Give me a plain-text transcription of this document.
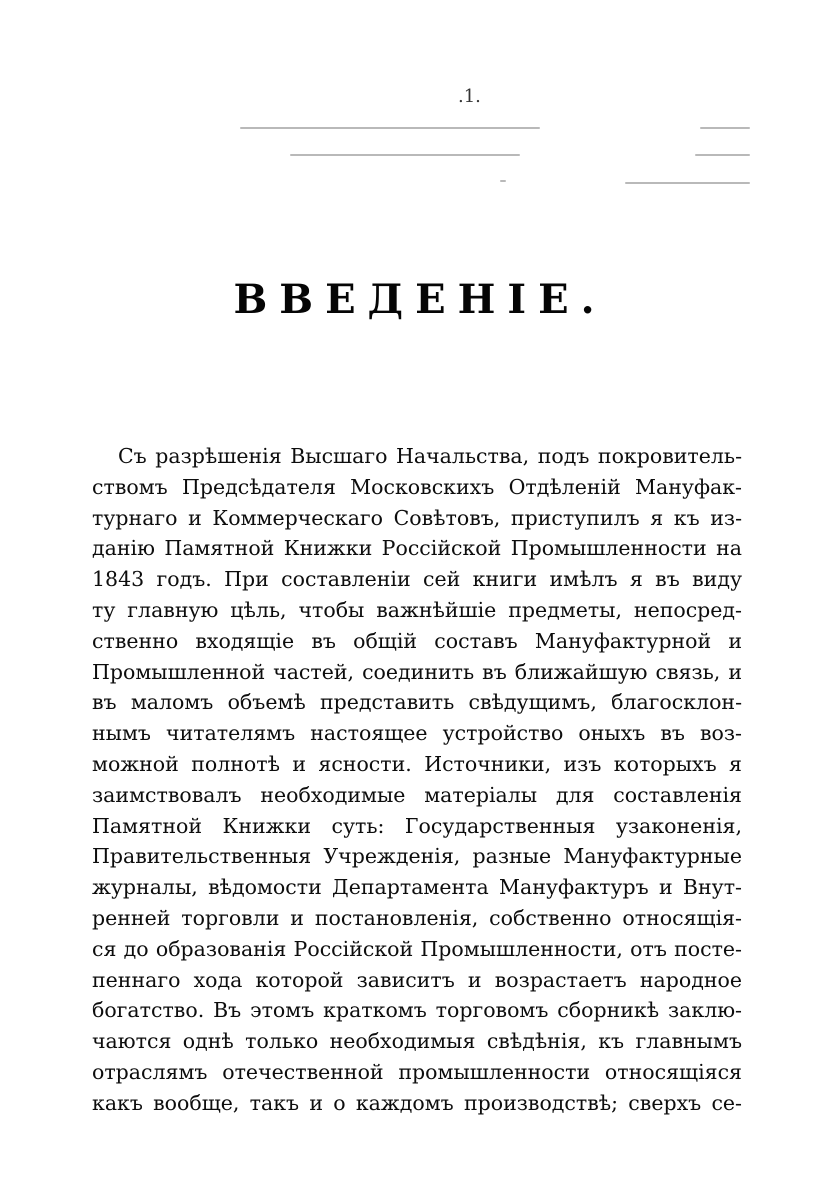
.1.
ВВЕДЕНІЕ.
Съ разрѣшенія Высшаго Начальства, подъ покровитель-
ствомъ Предсѣдателя Московскихъ Отдѣленій Мануфак-
турнаго и Коммерческаго Совѣтовъ, приступилъ я къ из-
данію Памятной Книжки Россійской Промышленности на
1843 годъ. При составленіи сей книги имѣлъ я въ виду
ту главную цѣль, чтобы важнѣйшіе предметы, непосред-
ственно входящіе въ общій составъ Мануфактурной и
Промышленной частей, соединить въ ближайшую связь, и
въ маломъ объемѣ представить свѣдущимъ, благосклон-
нымъ читателямъ настоящее устройство оныхъ въ воз-
можной полнотѣ и ясности. Источники, изъ которыхъ я
заимствовалъ необходимые матеріалы для составленія
Памятной Книжки суть: Государственныя узаконенія,
Правительственныя Учрежденія, разные Мануфактурные
журналы, вѣдомости Департамента Мануфактуръ и Внут-
ренней торговли и постановленія, собственно относящія-
ся до образованія Россійской Промышленности, отъ посте-
пеннаго хода которой зависитъ и возрастаетъ народное
богатство. Въ этомъ краткомъ торговомъ сборникѣ заклю-
чаются однѣ только необходимыя свѣдѣнія, къ главнымъ
отраслямъ отечественной промышленности относящіяся
какъ вообще, такъ и о каждомъ производствѣ; сверхъ се-
